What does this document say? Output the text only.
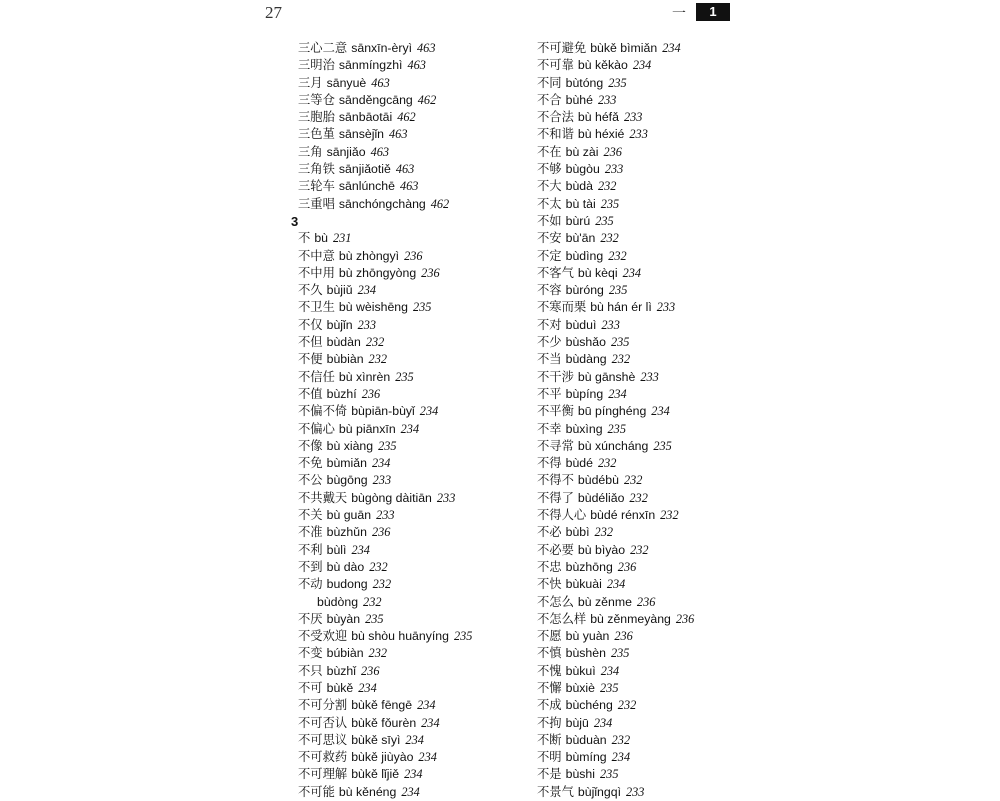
27	一	1
三心二意 sānxīn-èryì 463
三明治 sānmíngzhì 463
三月 sānyuè 463
三等仓 sānděngcāng 462
三胞胎 sānbāotāi 462
三色堇 sānsèjǐn 463
三角 sānjiǎo 463
三角铁 sānjiǎotiě 463
三轮车 sānlúnchē 463
三重唱 sānchóngchàng 462
3
不 bù 231
不中意 bù zhòngyì 236
不中用 bù zhōngyòng 236
不久 bùjiǔ 234
不卫生 bù wèishēng 235
不仅 bùjǐn 233
不但 bùdàn 232
不便 bùbiàn 232
不信任 bù xìnrèn 235
不值 bùzhí 236
不偏不倚 bùpiān-bùyǐ 234
不偏心 bù piānxīn 234
不像 bù xiàng 235
不免 bùmiǎn 234
不公 bùgōng 233
不共戴天 bùgòng dàitiān 233
不关 bù guān 233
不准 bùzhǔn 236
不利 bùlì 234
不到 bù dào 232
不动 budong 232
bùdòng 232
不厌 bùyàn 235
不受欢迎 bù shòu huānyíng 235
不变 búbiàn 232
不只 bùzhǐ 236
不可 bùkě 234
不可分割 bùkě fēngē 234
不可否认 bùkě fǒurèn 234
不可思议 bùkě sīyì 234
不可救药 bùkě jiùyào 234
不可理解 bùkě lǐjiě 234
不可能 bù kěnéng 234
不可避免 bùkě bìmiǎn 234
不可靠 bù kěkào 234
不同 bùtóng 235
不合 bùhé 233
不合法 bù héfǎ 233
不和谐 bù héxié 233
不在 bù zài 236
不够 bùgòu 233
不大 bùdà 232
不太 bù tài 235
不如 bùrú 235
不安 bù'ān 232
不定 bùdìng 232
不客气 bù kèqi 234
不容 bùróng 235
不寒而栗 bù hán ér lì 233
不对 bùduì 233
不少 bùshǎo 235
不当 bùdàng 232
不干涉 bù gānshè 233
不平 bùpíng 234
不平衡 bū pínghéng 234
不幸 bùxìng 235
不寻常 bù xúncháng 235
不得 bùdé 232
不得不 bùdébù 232
不得了 bùdéliǎo 232
不得人心 bùdé rénxīn 232
不必 bùbì 232
不必要 bù bìyào 232
不忠 bùzhōng 236
不快 bùkuài 234
不怎么 bù zěnme 236
不怎么样 bù zěnmeyàng 236
不愿 bù yuàn 236
不慎 bùshèn 235
不愧 bùkuì 234
不懈 bùxiè 235
不成 bùchéng 232
不拘 bùjū 234
不断 bùduàn 232
不明 bùmíng 234
不是 bùshi 235
不景气 bùjǐngqì 233
